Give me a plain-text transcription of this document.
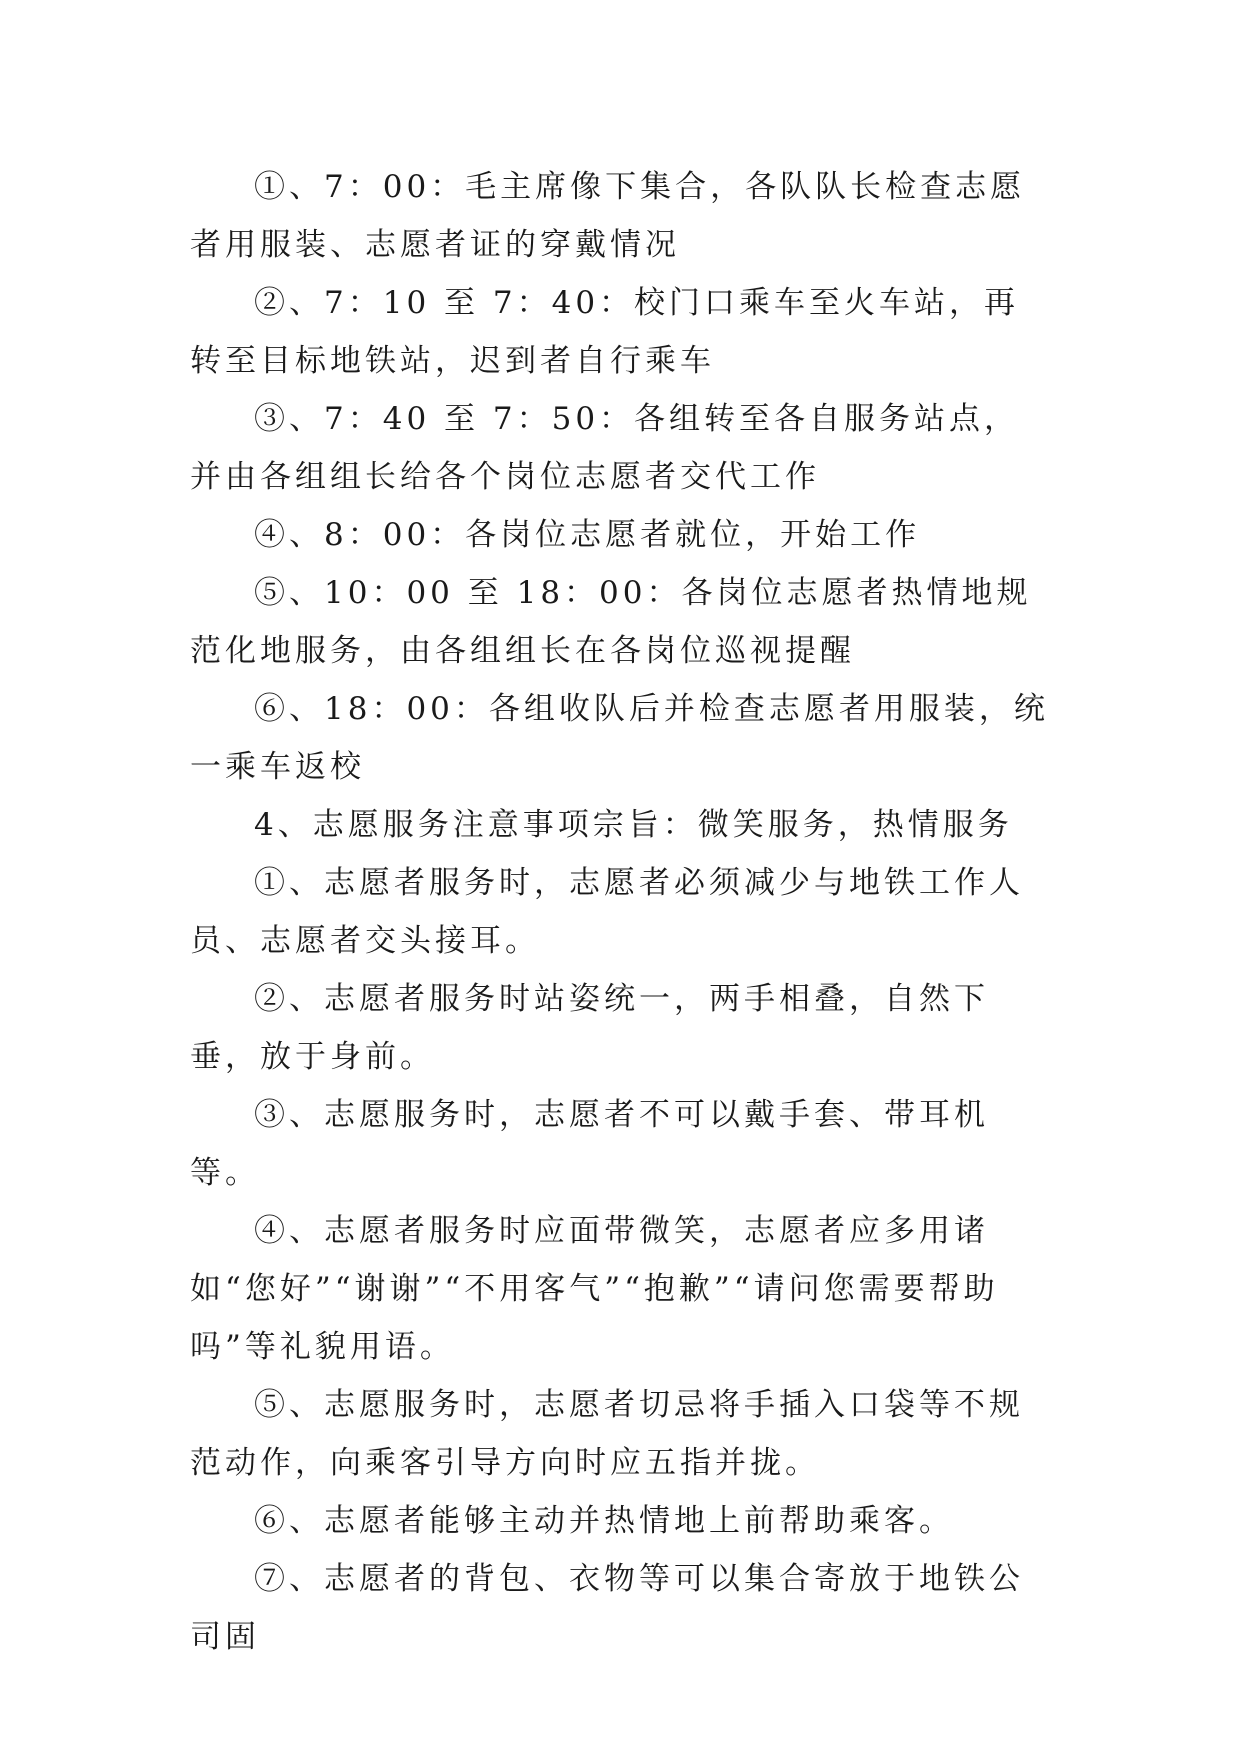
①、7：00：毛主席像下集合，各队队长检查志愿者用服装、志愿者证的穿戴情况

②、7：10 至 7：40：校门口乘车至火车站，再转至目标地铁站，迟到者自行乘车

③、7：40 至 7：50：各组转至各自服务站点，并由各组组长给各个岗位志愿者交代工作

④、8：00：各岗位志愿者就位，开始工作

⑤、10：00 至 18：00：各岗位志愿者热情地规范化地服务，由各组组长在各岗位巡视提醒

⑥、18：00：各组收队后并检查志愿者用服装，统一乘车返校

4、志愿服务注意事项宗旨：微笑服务，热情服务

①、志愿者服务时，志愿者必须减少与地铁工作人员、志愿者交头接耳。

②、志愿者服务时站姿统一，两手相叠，自然下垂，放于身前。

③、志愿服务时，志愿者不可以戴手套、带耳机等。

④、志愿者服务时应面带微笑，志愿者应多用诸如“您好”“谢谢”“不用客气”“抱歉”“请问您需要帮助吗”等礼貌用语。

⑤、志愿服务时，志愿者切忌将手插入口袋等不规范动作，向乘客引导方向时应五指并拢。

⑥、志愿者能够主动并热情地上前帮助乘客。

⑦、志愿者的背包、衣物等可以集合寄放于地铁公司固
